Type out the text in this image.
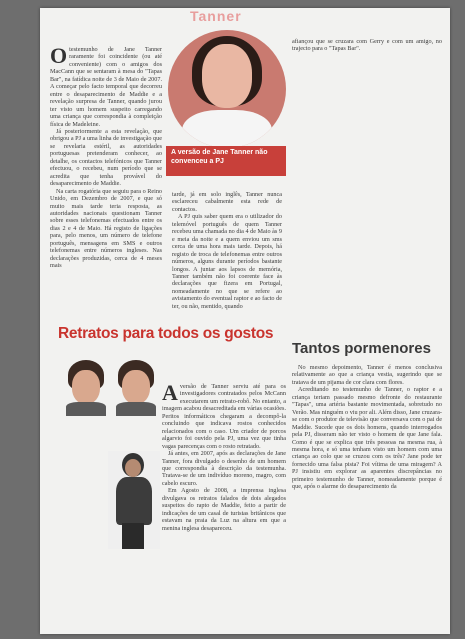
Tanner
O testemunho de Jane Tanner raramente foi coincidente (ou até conveniente) com o amigos dos MacCann que se sentaram à mesa do "Tapas Bar", na fatídica noite de 3 de Maio de 2007. A começar pelo facto temporal que decorreu entre o desaparecimento de Maddie e a revelação surpresa de Tanner, quando jurou ter visto um homem suspeito carregando uma criança que correspondia à compleição física de Madeleine.

Já posteriormente a esta revelação, que obrigou a PJ a uma linha de investigação que se revelaria estéril, as autoridades portuguesas pretenderam conhecer, ao detalhe, os contactos telefónicos que Tanner efectuou, o recebeu, num período que se acredita que tenha provável do desaparecimento de Maddie.

Na carta rogatória que seguiu para o Reino Unido, em Dezembro de 2007, e que só muito mais tarde teria resposta, as autoridades nacionais questionam Tanner sobre esses telefonemas efectuados entre os dias 2 e 4 de Maio. Há registo de ligações para, pelo menos, um número de telefone português, mensagens em SMS e outros telefonemas entre números ingleses. Nas declarações produzidas, cerca de 4 meses mais

A versão de Jane Tanner não convenceu a PJ

tarde, já em solo inglês, Tanner nunca esclareceu cabalmente esta rede de contactos.

A PJ quis saber quem era o utilizador do telemóvel português de quem Tanner recebeu uma chamada no dia 4 de Maio às 9 e meia da noite e a quem enviou um sms cerca de uma hora mais tarde. Depois, há registo de troca de telefonemas entre outros números, alguns durante períodos bastante longos. A juntar aos lapsos de memória, Tanner também não foi coerente face às declarações que fizera em Portugal, nomeadamente no que se refere ao avistamento do eventual raptor e ao facto de ter, ou não, mentido, quando

afiançou que se cruzara com Gerry e com um amigo, no trajecto para o "Tapas Bar".

Tantos pormenores

No mesmo depoimento, Tanner é menos conclusiva relativamente ao que a criança vestia, sugerindo que se tratava de um pijama de cor clara com flores.

Acreditando no testemunho de Tanner, o raptor e a criança teriam passado mesmo defronte do restaurante "Tapas", uma artéria bastante movimentada, sobretudo no Verão. Mas ninguém o viu por ali. Além disso, Jane cruzara-se com o produtor de televisão que conversava com o pai de Maddie. Sucede que os dois homens, quando interrogados pela PJ, disseram não ter visto o homem de que Jane fala. Como é que se explica que três pessoas na mesma rua, à mesma hora, e só uma tenham visto um homem com uma criança ao colo que se cruzou com os três? Jane pode ter fornecido uma falsa pista? Foi vítima de uma miragem? A PJ insistiu em explorar as aparentes discrepâncias no primeiro testemunho de Tanner, nomeadamente porque é que, após o alarme do desaparecimento da

Retratos para todos os gostos
A versão de Tanner serviu até para os investigadores contratados pelos McCann executarem um retrato-robô. No entanto, a imagem acabou desacreditada em várias ocasiões. Peritos informáticos chegaram a decompô-la concluindo que indicava rostos conhecidos relacionados com o caso. Um criador de porcos algarvio foi ouvido pela PJ, uma vez que tinha vagas parecenças com o rosto retratado.

Já antes, em 2007, após as declarações de Jane Tanner, fora divulgado o desenho de um homem que correspondia à descrição da testemunha. Tratava-se de um indivíduo moreno, magro, com cabelo escuro.

Em Agosto de 2008, a imprensa inglesa divulgava os retratos falados de dois alegados suspeitos do rapto de Maddie, feito a partir de indicações de um casal de turistas britânicos que estavam na praia da Luz na altura em que a menina inglesa desapareceu.
